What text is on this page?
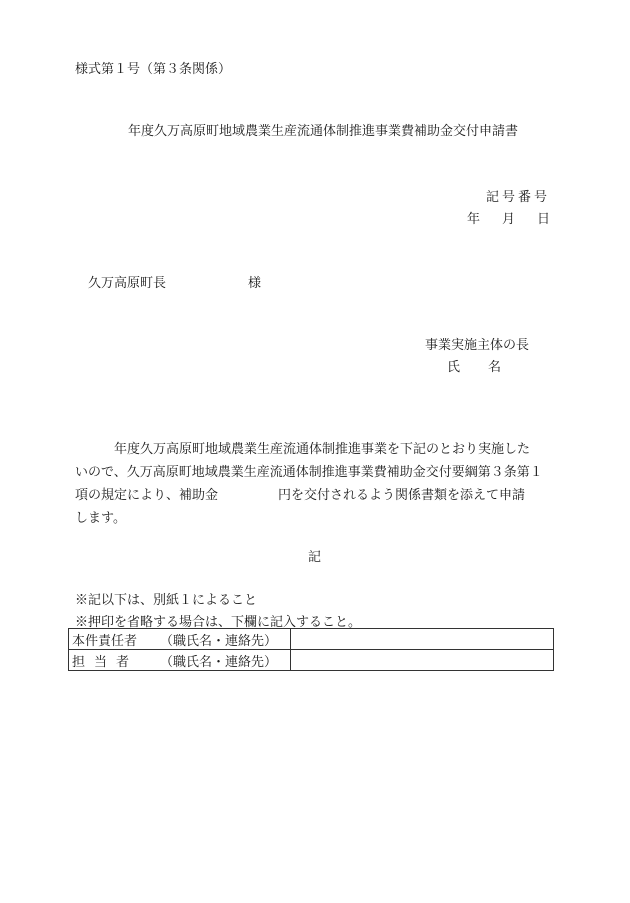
様式第１号（第３条関係）
年度久万高原町地域農業生産流通体制推進事業費補助金交付申請書
記号番号
年 月 日
久万高原町長	様
事業実施主体の長
氏 名
年度久万高原町地域農業生産流通体制推進事業を下記のとおり実施した
いので、久万高原町地域農業生産流通体制推進事業費補助金交付要綱第３条第１
項の規定により、補助金	円を交付されるよう関係書類を添えて申請
します。
記
※記以下は、別紙１によること
※押印を省略する場合は、下欄に記入すること。
本件責任者 （職氏名・連絡先）	
担当者 （職氏名・連絡先）	
